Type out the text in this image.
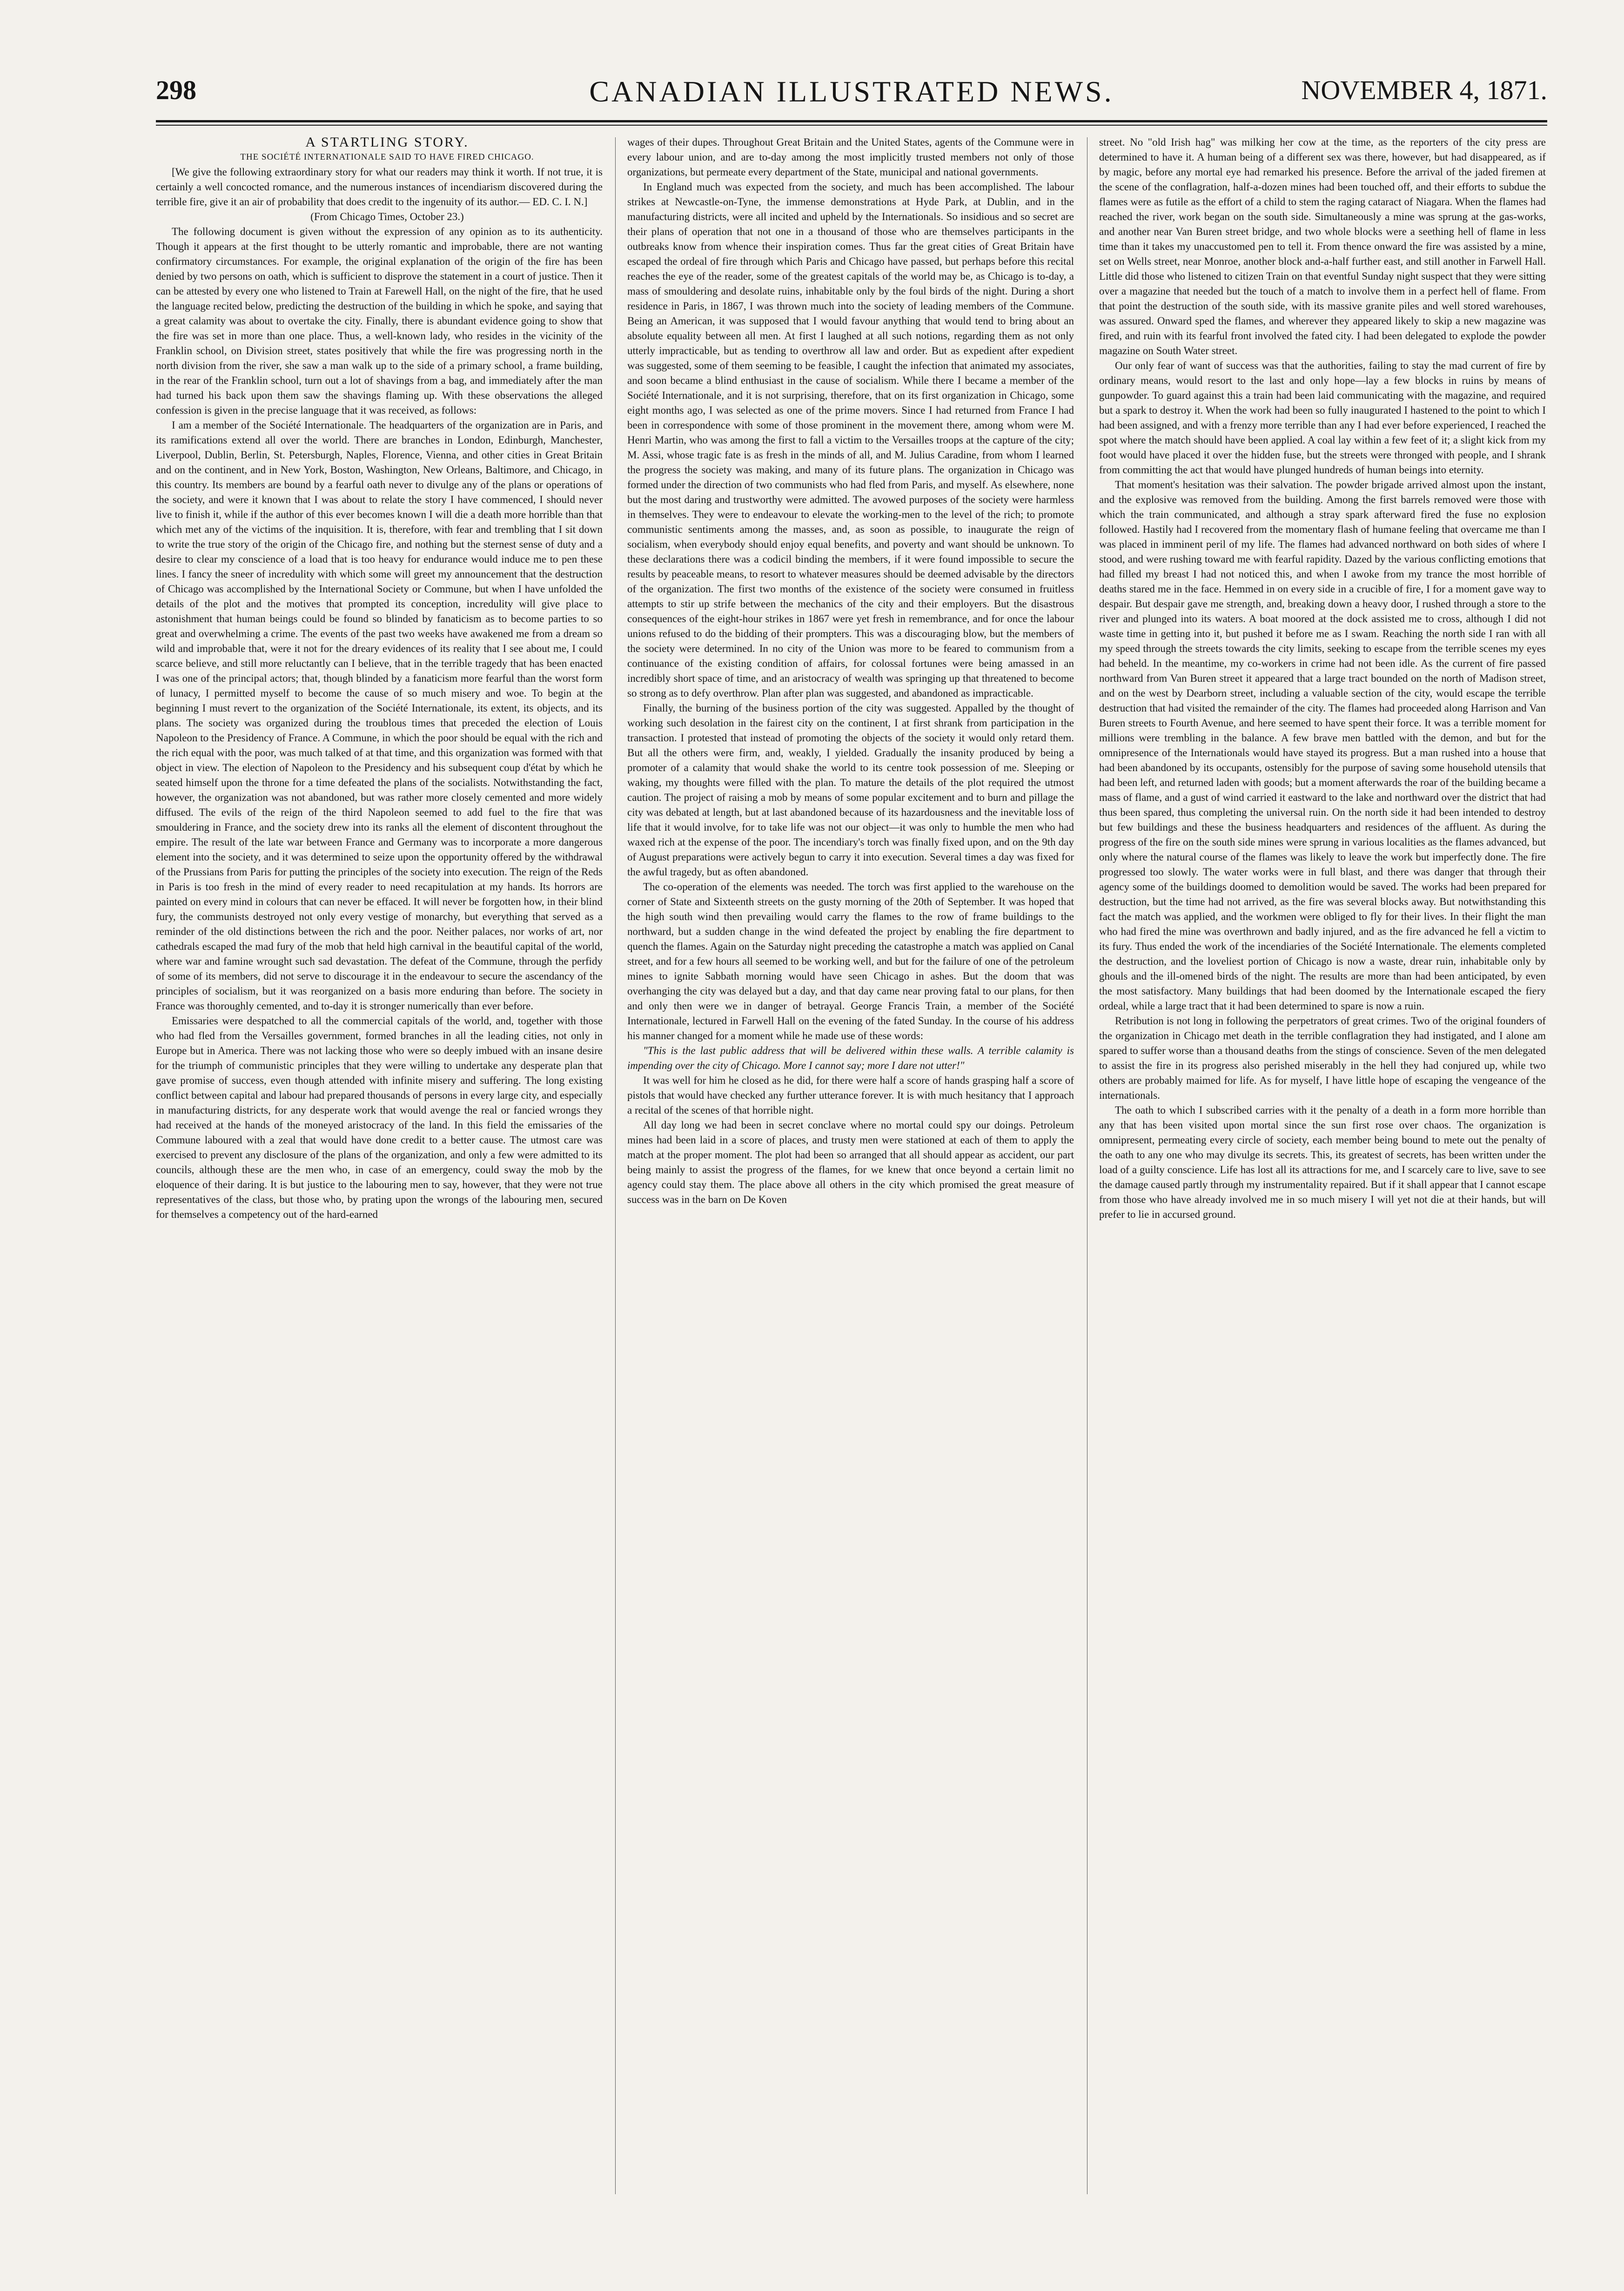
298	CANADIAN ILLUSTRATED NEWS.	NOVEMBER 4, 1871.

A STARTLING STORY.

THE SOCIÉTÉ INTERNATIONALE SAID TO HAVE FIRED CHICAGO.

[We give the following extraordinary story for what our readers may think it worth. If not true, it is certainly a well concocted romance, and the numerous instances of incendiarism discovered during the terrible fire, give it an air of probability that does credit to the ingenuity of its author.— ED. C. I. N.]

(From Chicago Times, October 23.)

The following document is given without the expression of any opinion as to its authenticity. Though it appears at the first thought to be utterly romantic and improbable, there are not wanting confirmatory circumstances. For example, the original explanation of the origin of the fire has been denied by two persons on oath, which is sufficient to disprove the statement in a court of justice. Then it can be attested by every one who listened to Train at Farewell Hall, on the night of the fire, that he used the language recited below, predicting the destruction of the building in which he spoke, and saying that a great calamity was about to overtake the city. Finally, there is abundant evidence going to show that the fire was set in more than one place. Thus, a well-known lady, who resides in the vicinity of the Franklin school, on Division street, states positively that while the fire was progressing north in the north division from the river, she saw a man walk up to the side of a primary school, a frame building, in the rear of the Franklin school, turn out a lot of shavings from a bag, and immediately after the man had turned his back upon them saw the shavings flaming up. With these observations the alleged confession is given in the precise language that it was received, as follows:

I am a member of the Société Internationale. The headquarters of the organization are in Paris, and its ramifications extend all over the world. There are branches in London, Edinburgh, Manchester, Liverpool, Dublin, Berlin, St. Petersburgh, Naples, Florence, Vienna, and other cities in Great Britain and on the continent, and in New York, Boston, Washington, New Orleans, Baltimore, and Chicago, in this country. Its members are bound by a fearful oath never to divulge any of the plans or operations of the society, and were it known that I was about to relate the story I have commenced, I should never live to finish it, while if the author of this ever becomes known I will die a death more horrible than that which met any of the victims of the inquisition. It is, therefore, with fear and trembling that I sit down to write the true story of the origin of the Chicago fire, and nothing but the sternest sense of duty and a desire to clear my conscience of a load that is too heavy for endurance would induce me to pen these lines. I fancy the sneer of incredulity with which some will greet my announcement that the destruction of Chicago was accomplished by the International Society or Commune, but when I have unfolded the details of the plot and the motives that prompted its conception, incredulity will give place to astonishment that human beings could be found so blinded by fanaticism as to become parties to so great and overwhelming a crime. The events of the past two weeks have awakened me from a dream so wild and improbable that, were it not for the dreary evidences of its reality that I see about me, I could scarce believe, and still more reluctantly can I believe, that in the terrible tragedy that has been enacted I was one of the principal actors; that, though blinded by a fanaticism more fearful than the worst form of lunacy, I permitted myself to become the cause of so much misery and woe. To begin at the beginning I must revert to the organization of the Société Internationale, its extent, its objects, and its plans. The society was organized during the troublous times that preceded the election of Louis Napoleon to the Presidency of France. A Commune, in which the poor should be equal with the rich and the rich equal with the poor, was much talked of at that time, and this organization was formed with that object in view. The election of Napoleon to the Presidency and his subsequent coup d'état by which he seated himself upon the throne for a time defeated the plans of the socialists. Notwithstanding the fact, however, the organization was not abandoned, but was rather more closely cemented and more widely diffused. The evils of the reign of the third Napoleon seemed to add fuel to the fire that was smouldering in France, and the society drew into its ranks all the element of discontent throughout the empire. The result of the late war between France and Germany was to incorporate a more dangerous element into the society, and it was determined to seize upon the opportunity offered by the withdrawal of the Prussians from Paris for putting the principles of the society into execution. The reign of the Reds in Paris is too fresh in the mind of every reader to need recapitulation at my hands. Its horrors are painted on every mind in colours that can never be effaced. It will never be forgotten how, in their blind fury, the communists destroyed not only every vestige of monarchy, but everything that served as a reminder of the old distinctions between the rich and the poor. Neither palaces, nor works of art, nor cathedrals escaped the mad fury of the mob that held high carnival in the beautiful capital of the world, where war and famine wrought such sad devastation. The defeat of the Commune, through the perfidy of some of its members, did not serve to discourage it in the endeavour to secure the ascendancy of the principles of socialism, but it was reorganized on a basis more enduring than before. The society in France was thoroughly cemented, and to-day it is stronger numerically than ever before.

Emissaries were despatched to all the commercial capitals of the world, and, together with those who had fled from the Versailles government, formed branches in all the leading cities, not only in Europe but in America. There was not lacking those who were so deeply imbued with an insane desire for the triumph of communistic principles that they were willing to undertake any desperate plan that gave promise of success, even though attended with infinite misery and suffering. The long existing conflict between capital and labour had prepared thousands of persons in every large city, and especially in manufacturing districts, for any desperate work that would avenge the real or fancied wrongs they had received at the hands of the moneyed aristocracy of the land. In this field the emissaries of the Commune laboured with a zeal that would have done credit to a better cause. The utmost care was exercised to prevent any disclosure of the plans of the organization, and only a few were admitted to its councils, although these are the men who, in case of an emergency, could sway the mob by the eloquence of their daring. It is but justice to the labouring men to say, however, that they were not true representatives of the class, but those who, by prating upon the wrongs of the labouring men, secured for themselves a competency out of the hard-earned

wages of their dupes. Throughout Great Britain and the United States, agents of the Commune were in every labour union, and are to-day among the most implicitly trusted members not only of those organizations, but permeate every department of the State, municipal and national governments.

In England much was expected from the society, and much has been accomplished. The labour strikes at Newcastle-on-Tyne, the immense demonstrations at Hyde Park, at Dublin, and in the manufacturing districts, were all incited and upheld by the Internationals. So insidious and so secret are their plans of operation that not one in a thousand of those who are themselves participants in the outbreaks know from whence their inspiration comes. Thus far the great cities of Great Britain have escaped the ordeal of fire through which Paris and Chicago have passed, but perhaps before this recital reaches the eye of the reader, some of the greatest capitals of the world may be, as Chicago is to-day, a mass of smouldering and desolate ruins, inhabitable only by the foul birds of the night. During a short residence in Paris, in 1867, I was thrown much into the society of leading members of the Commune. Being an American, it was supposed that I would favour anything that would tend to bring about an absolute equality between all men. At first I laughed at all such notions, regarding them as not only utterly impracticable, but as tending to overthrow all law and order. But as expedient after expedient was suggested, some of them seeming to be feasible, I caught the infection that animated my associates, and soon became a blind enthusiast in the cause of socialism. While there I became a member of the Société Internationale, and it is not surprising, therefore, that on its first organization in Chicago, some eight months ago, I was selected as one of the prime movers. Since I had returned from France I had been in correspondence with some of those prominent in the movement there, among whom were M. Henri Martin, who was among the first to fall a victim to the Versailles troops at the capture of the city; M. Assi, whose tragic fate is as fresh in the minds of all, and M. Julius Caradine, from whom I learned the progress the society was making, and many of its future plans. The organization in Chicago was formed under the direction of two communists who had fled from Paris, and myself. As elsewhere, none but the most daring and trustworthy were admitted. The avowed purposes of the society were harmless in themselves. They were to endeavour to elevate the working-men to the level of the rich; to promote communistic sentiments among the masses, and, as soon as possible, to inaugurate the reign of socialism, when everybody should enjoy equal benefits, and poverty and want should be unknown. To these declarations there was a codicil binding the members, if it were found impossible to secure the results by peaceable means, to resort to whatever measures should be deemed advisable by the directors of the organization. The first two months of the existence of the society were consumed in fruitless attempts to stir up strife between the mechanics of the city and their employers. But the disastrous consequences of the eight-hour strikes in 1867 were yet fresh in remembrance, and for once the labour unions refused to do the bidding of their prompters. This was a discouraging blow, but the members of the society were determined. In no city of the Union was more to be feared to communism from a continuance of the existing condition of affairs, for colossal fortunes were being amassed in an incredibly short space of time, and an aristocracy of wealth was springing up that threatened to become so strong as to defy overthrow. Plan after plan was suggested, and abandoned as impracticable.

Finally, the burning of the business portion of the city was suggested. Appalled by the thought of working such desolation in the fairest city on the continent, I at first shrank from participation in the transaction. I protested that instead of promoting the objects of the society it would only retard them. But all the others were firm, and, weakly, I yielded. Gradually the insanity produced by being a promoter of a calamity that would shake the world to its centre took possession of me. Sleeping or waking, my thoughts were filled with the plan. To mature the details of the plot required the utmost caution. The project of raising a mob by means of some popular excitement and to burn and pillage the city was debated at length, but at last abandoned because of its hazardousness and the inevitable loss of life that it would involve, for to take life was not our object—it was only to humble the men who had waxed rich at the expense of the poor. The incendiary's torch was finally fixed upon, and on the 9th day of August preparations were actively begun to carry it into execution. Several times a day was fixed for the awful tragedy, but as often abandoned.

The co-operation of the elements was needed. The torch was first applied to the warehouse on the corner of State and Sixteenth streets on the gusty morning of the 20th of September. It was hoped that the high south wind then prevailing would carry the flames to the row of frame buildings to the northward, but a sudden change in the wind defeated the project by enabling the fire department to quench the flames. Again on the Saturday night preceding the catastrophe a match was applied on Canal street, and for a few hours all seemed to be working well, and but for the failure of one of the petroleum mines to ignite Sabbath morning would have seen Chicago in ashes. But the doom that was overhanging the city was delayed but a day, and that day came near proving fatal to our plans, for then and only then were we in danger of betrayal. George Francis Train, a member of the Société Internationale, lectured in Farwell Hall on the evening of the fated Sunday. In the course of his address his manner changed for a moment while he made use of these words:

"This is the last public address that will be delivered within these walls. A terrible calamity is impending over the city of Chicago. More I cannot say; more I dare not utter!"

It was well for him he closed as he did, for there were half a score of hands grasping half a score of pistols that would have checked any further utterance forever. It is with much hesitancy that I approach a recital of the scenes of that horrible night.

All day long we had been in secret conclave where no mortal could spy our doings. Petroleum mines had been laid in a score of places, and trusty men were stationed at each of them to apply the match at the proper moment. The plot had been so arranged that all should appear as accident, our part being mainly to assist the progress of the flames, for we knew that once beyond a certain limit no agency could stay them. The place above all others in the city which promised the great measure of success was in the barn on De Koven

street. No "old Irish hag" was milking her cow at the time, as the reporters of the city press are determined to have it. A human being of a different sex was there, however, but had disappeared, as if by magic, before any mortal eye had remarked his presence. Before the arrival of the jaded firemen at the scene of the conflagration, half-a-dozen mines had been touched off, and their efforts to subdue the flames were as futile as the effort of a child to stem the raging cataract of Niagara. When the flames had reached the river, work began on the south side. Simultaneously a mine was sprung at the gas-works, and another near Van Buren street bridge, and two whole blocks were a seething hell of flame in less time than it takes my unaccustomed pen to tell it. From thence onward the fire was assisted by a mine, set on Wells street, near Monroe, another block and-a-half further east, and still another in Farwell Hall. Little did those who listened to citizen Train on that eventful Sunday night suspect that they were sitting over a magazine that needed but the touch of a match to involve them in a perfect hell of flame. From that point the destruction of the south side, with its massive granite piles and well stored warehouses, was assured. Onward sped the flames, and wherever they appeared likely to skip a new magazine was fired, and ruin with its fearful front involved the fated city. I had been delegated to explode the powder magazine on South Water street.

Our only fear of want of success was that the authorities, failing to stay the mad current of fire by ordinary means, would resort to the last and only hope—lay a few blocks in ruins by means of gunpowder. To guard against this a train had been laid communicating with the magazine, and required but a spark to destroy it. When the work had been so fully inaugurated I hastened to the point to which I had been assigned, and with a frenzy more terrible than any I had ever before experienced, I reached the spot where the match should have been applied. A coal lay within a few feet of it; a slight kick from my foot would have placed it over the hidden fuse, but the streets were thronged with people, and I shrank from committing the act that would have plunged hundreds of human beings into eternity.

That moment's hesitation was their salvation. The powder brigade arrived almost upon the instant, and the explosive was removed from the building. Among the first barrels removed were those with which the train communicated, and although a stray spark afterward fired the fuse no explosion followed. Hastily had I recovered from the momentary flash of humane feeling that overcame me than I was placed in imminent peril of my life. The flames had advanced northward on both sides of where I stood, and were rushing toward me with fearful rapidity. Dazed by the various conflicting emotions that had filled my breast I had not noticed this, and when I awoke from my trance the most horrible of deaths stared me in the face. Hemmed in on every side in a crucible of fire, I for a moment gave way to despair. But despair gave me strength, and, breaking down a heavy door, I rushed through a store to the river and plunged into its waters. A boat moored at the dock assisted me to cross, although I did not waste time in getting into it, but pushed it before me as I swam. Reaching the north side I ran with all my speed through the streets towards the city limits, seeking to escape from the terrible scenes my eyes had beheld. In the meantime, my co-workers in crime had not been idle. As the current of fire passed northward from Van Buren street it appeared that a large tract bounded on the north of Madison street, and on the west by Dearborn street, including a valuable section of the city, would escape the terrible destruction that had visited the remainder of the city. The flames had proceeded along Harrison and Van Buren streets to Fourth Avenue, and here seemed to have spent their force. It was a terrible moment for millions were trembling in the balance. A few brave men battled with the demon, and but for the omnipresence of the Internationals would have stayed its progress. But a man rushed into a house that had been abandoned by its occupants, ostensibly for the purpose of saving some household utensils that had been left, and returned laden with goods; but a moment afterwards the roar of the building became a mass of flame, and a gust of wind carried it eastward to the lake and northward over the district that had thus been spared, thus completing the universal ruin. On the north side it had been intended to destroy but few buildings and these the business headquarters and residences of the affluent. As during the progress of the fire on the south side mines were sprung in various localities as the flames advanced, but only where the natural course of the flames was likely to leave the work but imperfectly done. The fire progressed too slowly. The water works were in full blast, and there was danger that through their agency some of the buildings doomed to demolition would be saved. The works had been prepared for destruction, but the time had not arrived, as the fire was several blocks away. But notwithstanding this fact the match was applied, and the workmen were obliged to fly for their lives. In their flight the man who had fired the mine was overthrown and badly injured, and as the fire advanced he fell a victim to its fury. Thus ended the work of the incendiaries of the Société Internationale. The elements completed the destruction, and the loveliest portion of Chicago is now a waste, drear ruin, inhabitable only by ghouls and the ill-omened birds of the night. The results are more than had been anticipated, by even the most satisfactory. Many buildings that had been doomed by the Internationale escaped the fiery ordeal, while a large tract that it had been determined to spare is now a ruin.

Retribution is not long in following the perpetrators of great crimes. Two of the original founders of the organization in Chicago met death in the terrible conflagration they had instigated, and I alone am spared to suffer worse than a thousand deaths from the stings of conscience. Seven of the men delegated to assist the fire in its progress also perished miserably in the hell they had conjured up, while two others are probably maimed for life. As for myself, I have little hope of escaping the vengeance of the internationals.

The oath to which I subscribed carries with it the penalty of a death in a form more horrible than any that has been visited upon mortal since the sun first rose over chaos. The organization is omnipresent, permeating every circle of society, each member being bound to mete out the penalty of the oath to any one who may divulge its secrets. This, its greatest of secrets, has been written under the load of a guilty conscience. Life has lost all its attractions for me, and I scarcely care to live, save to see the damage caused partly through my instrumentality repaired. But if it shall appear that I cannot escape from those who have already involved me in so much misery I will yet not die at their hands, but will prefer to lie in accursed ground.
